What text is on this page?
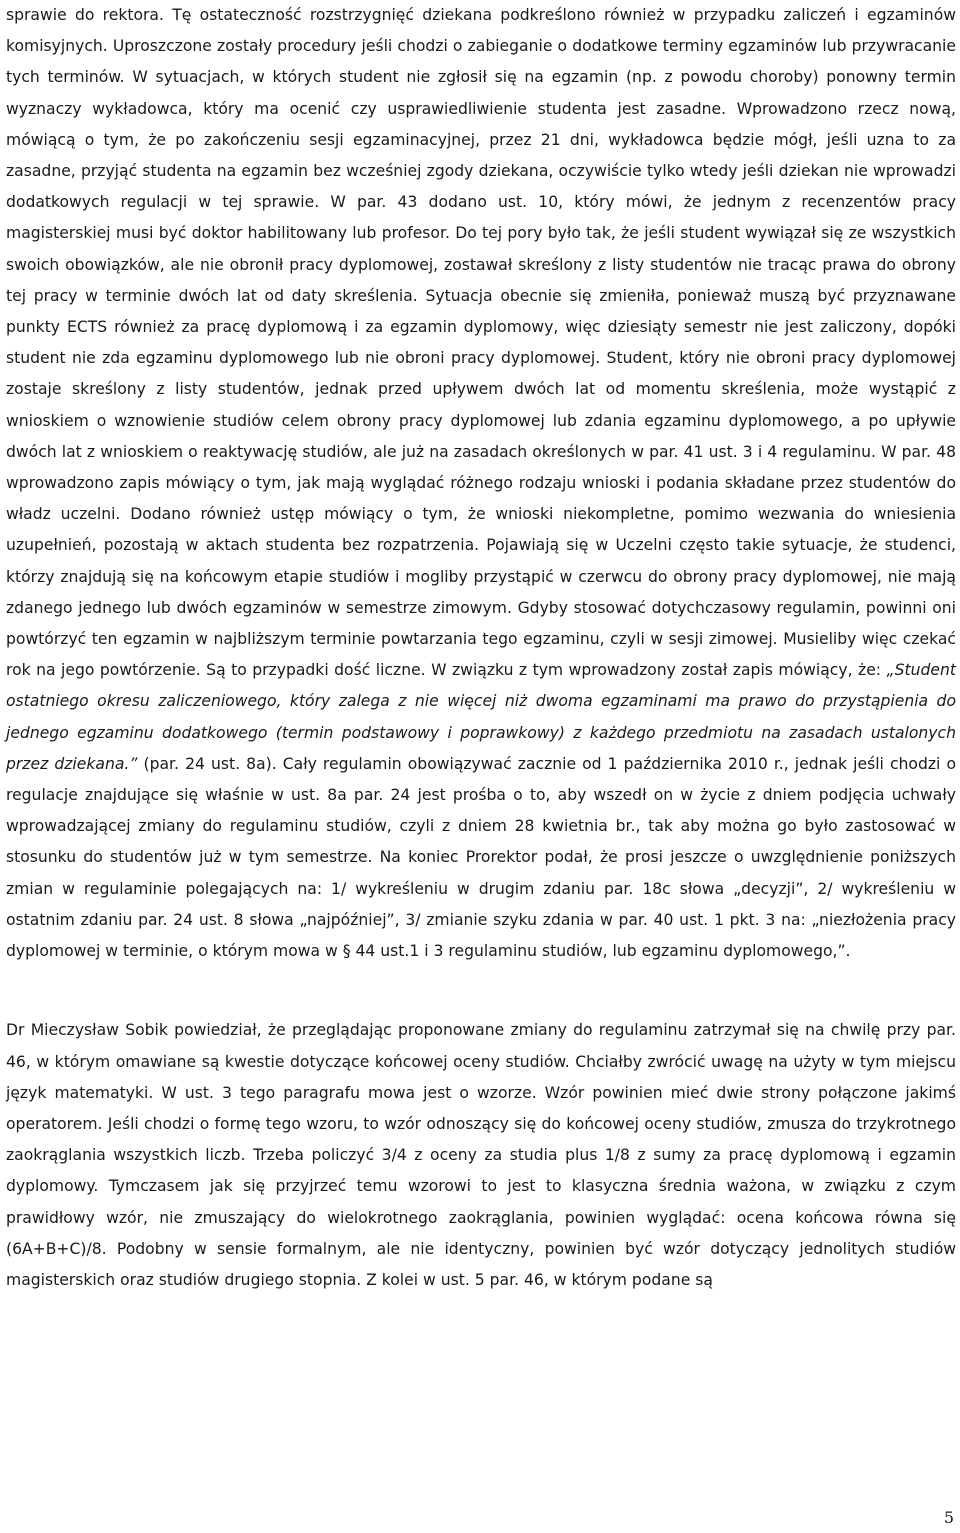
sprawie do rektora. Tę ostateczność rozstrzygnięć dziekana podkreślono również w przypadku zaliczeń i egzaminów komisyjnych. Uproszczone zostały procedury jeśli chodzi o zabieganie o dodatkowe terminy egzaminów lub przywracanie tych terminów. W sytuacjach, w których student nie zgłosił się na egzamin (np. z powodu choroby) ponowny termin wyznaczy wykładowca, który ma ocenić czy usprawiedliwienie studenta jest zasadne. Wprowadzono rzecz nową, mówiącą o tym, że po zakończeniu sesji egzaminacyjnej, przez 21 dni, wykładowca będzie mógł, jeśli uzna to za zasadne, przyjąć studenta na egzamin bez wcześniej zgody dziekana, oczywiście tylko wtedy jeśli dziekan nie wprowadzi dodatkowych regulacji w tej sprawie. W par. 43 dodano ust. 10, który mówi, że jednym z recenzentów pracy magisterskiej musi być doktor habilitowany lub profesor. Do tej pory było tak, że jeśli student wywiązał się ze wszystkich swoich obowiązków, ale nie obronił pracy dyplomowej, zostawał skreślony z listy studentów nie tracąc prawa do obrony tej pracy w terminie dwóch lat od daty skreślenia. Sytuacja obecnie się zmieniła, ponieważ muszą być przyznawane punkty ECTS również za pracę dyplomową i za egzamin dyplomowy, więc dziesiąty semestr nie jest zaliczony, dopóki student nie zda egzaminu dyplomowego lub nie obroni pracy dyplomowej. Student, który nie obroni pracy dyplomowej zostaje skreślony z listy studentów, jednak przed upływem dwóch lat od momentu skreślenia, może wystąpić z wnioskiem o wznowienie studiów celem obrony pracy dyplomowej lub zdania egzaminu dyplomowego, a po upływie dwóch lat z wnioskiem o reaktywację studiów, ale już na zasadach określonych w par. 41 ust. 3 i 4 regulaminu. W par. 48 wprowadzono zapis mówiący o tym, jak mają wyglądać różnego rodzaju wnioski i podania składane przez studentów do władz uczelni. Dodano również ustęp mówiący o tym, że wnioski niekompletne, pomimo wezwania do wniesienia uzupełnień, pozostają w aktach studenta bez rozpatrzenia. Pojawiają się w Uczelni często takie sytuacje, że studenci, którzy znajdują się na końcowym etapie studiów i mogliby przystąpić w czerwcu do obrony pracy dyplomowej, nie mają zdanego jednego lub dwóch egzaminów w semestrze zimowym. Gdyby stosować dotychczasowy regulamin, powinni oni powtórzyć ten egzamin w najbliższym terminie powtarzania tego egzaminu, czyli w sesji zimowej. Musieliby więc czekać rok na jego powtórzenie. Są to przypadki dość liczne. W związku z tym wprowadzony został zapis mówiący, że: „Student ostatniego okresu zaliczeniowego, który zalega z nie więcej niż dwoma egzaminami ma prawo do przystąpienia do jednego egzaminu dodatkowego (termin podstawowy i poprawkowy) z każdego przedmiotu na zasadach ustalonych przez dziekana.” (par. 24 ust. 8a). Cały regulamin obowiązywać zacznie od 1 października 2010 r., jednak jeśli chodzi o regulacje znajdujące się właśnie w ust. 8a par. 24 jest prośba o to, aby wszedł on w życie z dniem podjęcia uchwały wprowadzającej zmiany do regulaminu studiów, czyli z dniem 28 kwietnia br., tak aby można go było zastosować w stosunku do studentów już w tym semestrze. Na koniec Prorektor podał, że prosi jeszcze o uwzględnienie poniższych zmian w regulaminie polegających na: 1/ wykreśleniu w drugim zdaniu par. 18c słowa „decyzji”, 2/ wykreśleniu w ostatnim zdaniu par. 24 ust. 8 słowa „najpóźniej”, 3/ zmianie szyku zdania w par. 40 ust. 1 pkt. 3 na: „niezłożenia pracy dyplomowej w terminie, o którym mowa w § 44 ust.1 i 3 regulaminu studiów, lub egzaminu dyplomowego,”.

Dr Mieczysław Sobik powiedział, że przeglądając proponowane zmiany do regulaminu zatrzymał się na chwilę przy par. 46, w którym omawiane są kwestie dotyczące końcowej oceny studiów. Chciałby zwrócić uwagę na użyty w tym miejscu język matematyki. W ust. 3 tego paragrafu mowa jest o wzorze. Wzór powinien mieć dwie strony połączone jakimś operatorem. Jeśli chodzi o formę tego wzoru, to wzór odnoszący się do końcowej oceny studiów, zmusza do trzykrotnego zaokrąglania wszystkich liczb. Trzeba policzyć 3/4 z oceny za studia plus 1/8 z sumy za pracę dyplomową i egzamin dyplomowy. Tymczasem jak się przyjrzeć temu wzorowi to jest to klasyczna średnia ważona, w związku z czym prawidłowy wzór, nie zmuszający do wielokrotnego zaokrąglania, powinien wyglądać: ocena końcowa równa się (6A+B+C)/8. Podobny w sensie formalnym, ale nie identyczny, powinien być wzór dotyczący jednolitych studiów magisterskich oraz studiów drugiego stopnia. Z kolei w ust. 5 par. 46, w którym podane są

5
